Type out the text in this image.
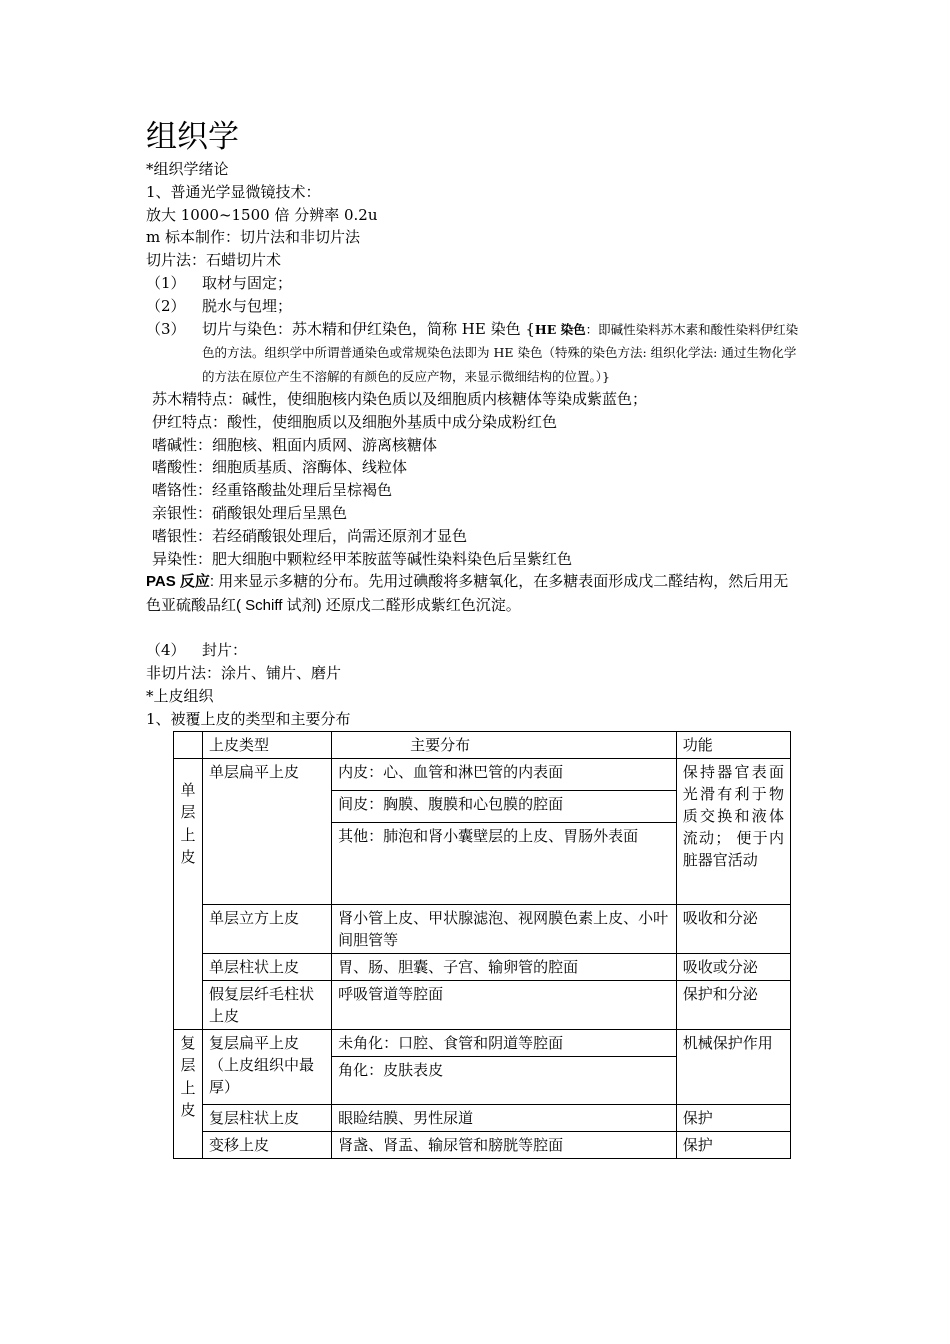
组织学
*组织学绪论
1、普通光学显微镜技术：
放大 1000~1500 倍 分辨率 0.2u
m 标本制作：切片法和非切片法
切片法：石蜡切片术
（1）	取材与固定；
（2）	脱水与包埋；
（3）	切片与染色：苏木精和伊红染色，简称 HE 染色 {HE 染色：即碱性染料苏木素和酸性染料伊红染色的方法。组织学中所谓普通染色或常规染色法即为 HE 染色（特殊的染色方法: 组织化学法: 通过生物化学的方法在原位产生不溶解的有颜色的反应产物，来显示微细结构的位置。）}
苏木精特点：碱性，使细胞核内染色质以及细胞质内核糖体等染成紫蓝色；
伊红特点：酸性，使细胞质以及细胞外基质中成分染成粉红色
嗜碱性：细胞核、粗面内质网、游离核糖体
嗜酸性：细胞质基质、溶酶体、线粒体
嗜铬性：经重铬酸盐处理后呈棕褐色
亲银性：硝酸银处理后呈黑色
嗜银性：若经硝酸银处理后，尚需还原剂才显色
异染性：肥大细胞中颗粒经甲苯胺蓝等碱性染料染色后呈紫红色
PAS 反应: 用来显示多糖的分布。先用过碘酸将多糖氧化，在多糖表面形成戊二醛结构，然后用无色亚硫酸品红( Schiff 试剂) 还原戊二醛形成紫红色沉淀。
（4）	封片：
非切片法：涂片、铺片、磨片
*上皮组织
1、被覆上皮的类型和主要分布
	上皮类型	主要分布	功能
单层上皮	单层扁平上皮	内皮：心、血管和淋巴管的内表面	保持器官表面光滑有利于物质交换和液体流动； 便于内脏器官活动
		间皮：胸膜、腹膜和心包膜的腔面	
		其他：肺泡和肾小囊壁层的上皮、胃肠外表面	
	单层立方上皮	肾小管上皮、甲状腺滤泡、视网膜色素上皮、小叶间胆管等	吸收和分泌
	单层柱状上皮	胃、肠、胆囊、子宫、输卵管的腔面	吸收或分泌
	假复层纤毛柱状上皮	呼吸管道等腔面	保护和分泌
复层上皮	复层扁平上皮（上皮组织中最厚）	未角化：口腔、食管和阴道等腔面	机械保护作用
		角化：皮肤表皮	
	复层柱状上皮	眼睑结膜、男性尿道	保护
	变移上皮	肾盏、肾盂、输尿管和膀胱等腔面	保护
